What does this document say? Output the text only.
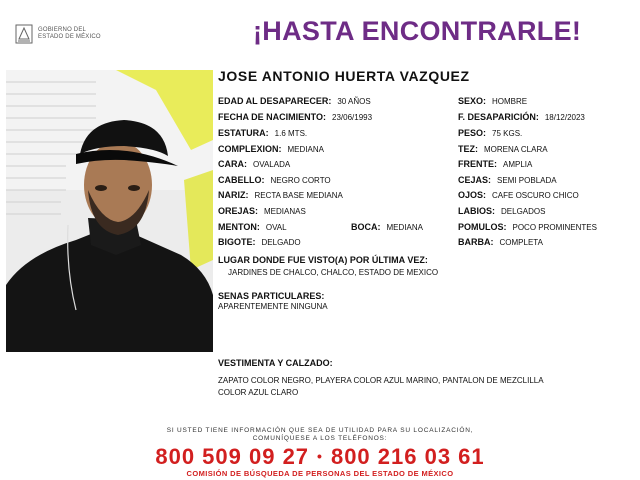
GOBIERNO DEL
ESTADO DE MÉXICO	¡HASTA ENCONTRARLE!
JOSE ANTONIO HUERTA VAZQUEZ
EDAD AL DESAPARECER: 30 AÑOS
FECHA DE NACIMIENTO: 23/06/1993
ESTATURA: 1.6 MTS.
COMPLEXION: MEDIANA
CARA: OVALADA
CABELLO: NEGRO CORTO
NARIZ: RECTA BASE MEDIANA
OREJAS: MEDIANAS
MENTON: OVAL	BOCA: MEDIANA
BIGOTE: DELGADO
SEXO: HOMBRE
F. DESAPARICIÓN: 18/12/2023
PESO: 75 KGS.
TEZ: MORENA CLARA
FRENTE: AMPLIA
CEJAS: SEMI POBLADA
OJOS: CAFE OSCURO CHICO
LABIOS: DELGADOS
POMULOS: POCO PROMINENTES
BARBA: COMPLETA
LUGAR DONDE FUE VISTO(A) POR ÚLTIMA VEZ:
JARDINES DE CHALCO, CHALCO, ESTADO DE MEXICO
SENAS PARTICULARES:
APARENTEMENTE NINGUNA
VESTIMENTA Y CALZADO:
ZAPATO COLOR NEGRO, PLAYERA COLOR AZUL MARINO, PANTALON DE MEZCLILLA
COLOR AZUL CLARO
SI USTED TIENE INFORMACIÓN QUE SEA DE UTILIDAD PARA SU LOCALIZACIÓN,
COMUNÍQUESE A LOS TELÉFONOS:
800 509 09 27 • 800 216 03 61
COMISIÓN DE BÚSQUEDA DE PERSONAS DEL ESTADO DE MÉXICO
